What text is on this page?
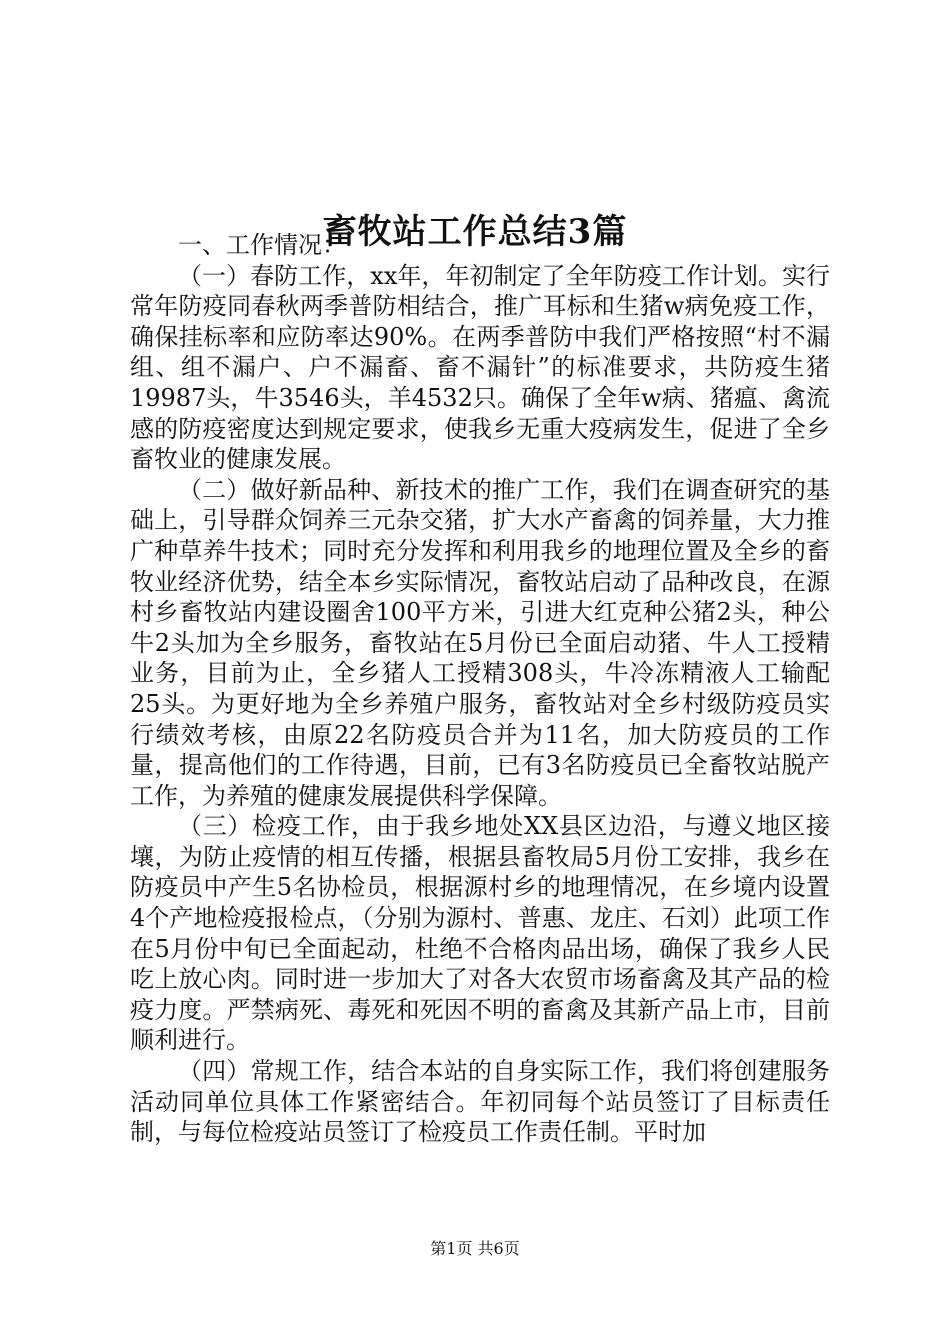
畜牧站工作总结3篇

一、工作情况：

（一）春防工作，xx年，年初制定了全年防疫工作计划。实行常年防疫同春秋两季普防相结合，推广耳标和生猪w病免疫工作，确保挂标率和应防率达90%。在两季普防中我们严格按照“村不漏组、组不漏户、户不漏畜、畜不漏针”的标准要求，共防疫生猪19987头，牛3546头，羊4532只。确保了全年w病、猪瘟、禽流感的防疫密度达到规定要求，使我乡无重大疫病发生，促进了全乡畜牧业的健康发展。

（二）做好新品种、新技术的推广工作，我们在调查研究的基础上，引导群众饲养三元杂交猪，扩大水产畜禽的饲养量，大力推广种草养牛技术；同时充分发挥和利用我乡的地理位置及全乡的畜牧业经济优势，结全本乡实际情况，畜牧站启动了品种改良，在源村乡畜牧站内建设圈舍100平方米，引进大红克种公猪2头，种公牛2头加为全乡服务，畜牧站在5月份已全面启动猪、牛人工授精业务，目前为止，全乡猪人工授精308头，牛冷冻精液人工输配25头。为更好地为全乡养殖户服务，畜牧站对全乡村级防疫员实行绩效考核，由原22名防疫员合并为11名，加大防疫员的工作量，提高他们的工作待遇，目前，已有3名防疫员已全畜牧站脱产工作，为养殖的健康发展提供科学保障。

（三）检疫工作，由于我乡地处XX县区边沿，与遵义地区接壤，为防止疫情的相互传播，根据县畜牧局5月份工安排，我乡在防疫员中产生5名协检员，根据源村乡的地理情况，在乡境内设置4个产地检疫报检点，（分别为源村、普惠、龙庄、石刘）此项工作在5月份中旬已全面起动，杜绝不合格肉品出场，确保了我乡人民吃上放心肉。同时进一步加大了对各大农贸市场畜禽及其产品的检疫力度。严禁病死、毒死和死因不明的畜禽及其新产品上市，目前顺利进行。

（四）常规工作，结合本站的自身实际工作，我们将创建服务活动同单位具体工作紧密结合。年初同每个站员签订了目标责任制，与每位检疫站员签订了检疫员工作责任制。平时加

第1页 共6页
